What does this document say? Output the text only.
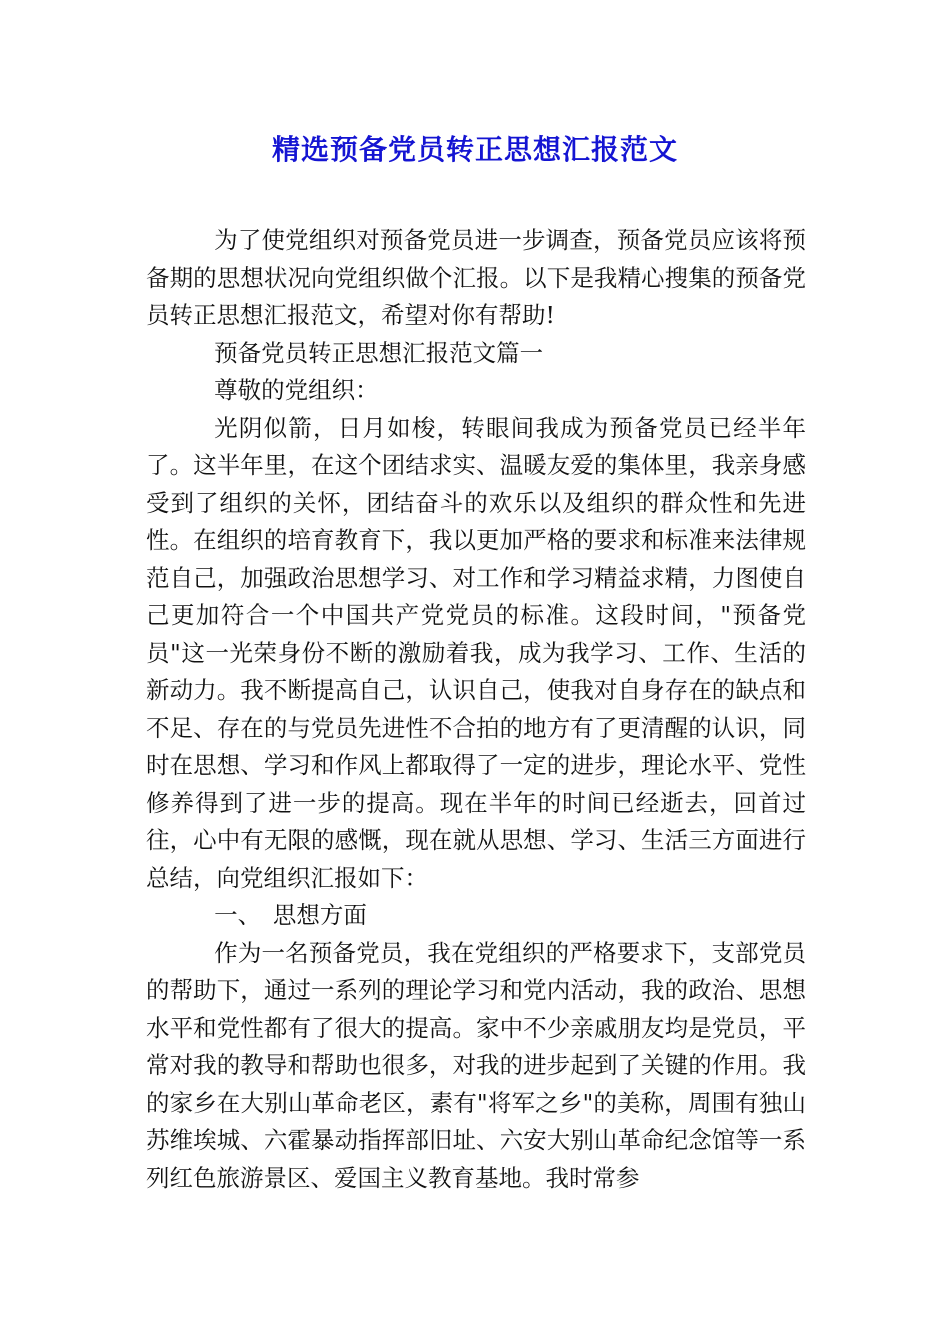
精选预备党员转正思想汇报范文

为了使党组织对预备党员进一步调查，预备党员应该将预备期的思想状况向党组织做个汇报。以下是我精心搜集的预备党员转正思想汇报范文，希望对你有帮助!

预备党员转正思想汇报范文篇一

尊敬的党组织：

光阴似箭，日月如梭，转眼间我成为预备党员已经半年了。这半年里，在这个团结求实、温暖友爱的集体里，我亲身感受到了组织的关怀，团结奋斗的欢乐以及组织的群众性和先进性。在组织的培育教育下，我以更加严格的要求和标准来法律规范自己，加强政治思想学习、对工作和学习精益求精，力图使自己更加符合一个中国共产党党员的标准。这段时间，"预备党员"这一光荣身份不断的激励着我，成为我学习、工作、生活的新动力。我不断提高自己，认识自己，使我对自身存在的缺点和不足、存在的与党员先进性不合拍的地方有了更清醒的认识，同时在思想、学习和作风上都取得了一定的进步，理论水平、党性修养得到了进一步的提高。现在半年的时间已经逝去，回首过往，心中有无限的感慨，现在就从思想、学习、生活三方面进行总结，向党组织汇报如下：

一、　思想方面

作为一名预备党员，我在党组织的严格要求下，支部党员的帮助下，通过一系列的理论学习和党内活动，我的政治、思想水平和党性都有了很大的提高。家中不少亲戚朋友均是党员，平常对我的教导和帮助也很多，对我的进步起到了关键的作用。我的家乡在大别山革命老区，素有"将军之乡"的美称，周围有独山苏维埃城、六霍暴动指挥部旧址、六安大别山革命纪念馆等一系列红色旅游景区、爱国主义教育基地。我时常参
